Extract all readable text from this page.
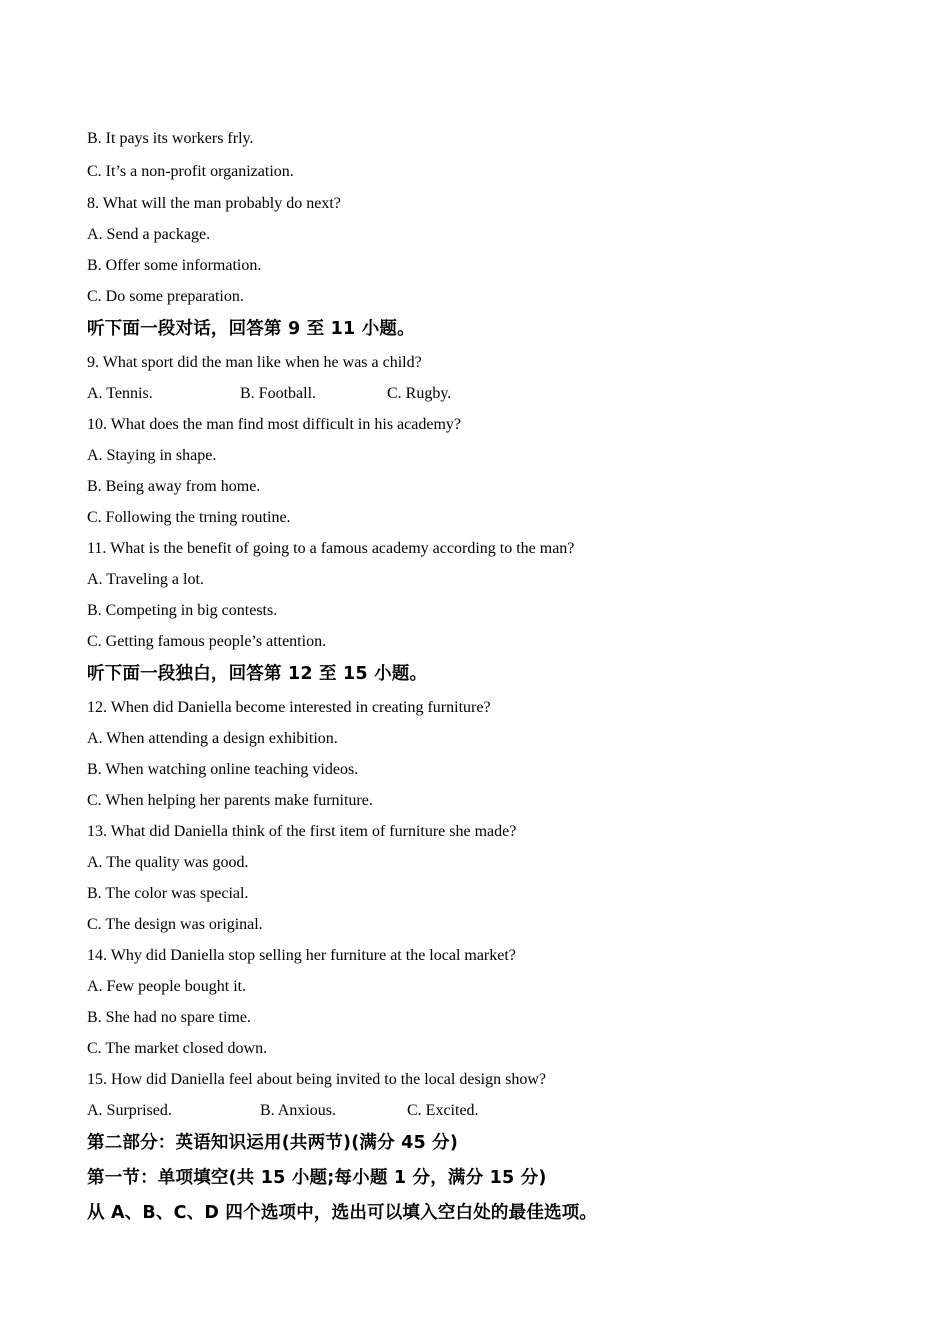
B. It pays its workers frly.
C. It’s a non-profit organization.
8. What will the man probably do next?
A. Send a package.
B. Offer some information.
C. Do some preparation.
听下面一段对话，回答第 9 至 11 小题。
9. What sport did the man like when he was a child?
A. Tennis.	B. Football.	C. Rugby.
10. What does the man find most difficult in his academy?
A. Staying in shape.
B. Being away from home.
C. Following the trning routine.
11. What is the benefit of going to a famous academy according to the man?
A. Traveling a lot.
B. Competing in big contests.
C. Getting famous people’s attention.
听下面一段独白，回答第 12 至 15 小题。
12. When did Daniella become interested in creating furniture?
A. When attending a design exhibition.
B. When watching online teaching videos.
C. When helping her parents make furniture.
13. What did Daniella think of the first item of furniture she made?
A. The quality was good.
B. The color was special.
C. The design was original.
14. Why did Daniella stop selling her furniture at the local market?
A. Few people bought it.
B. She had no spare time.
C. The market closed down.
15. How did Daniella feel about being invited to the local design show?
A. Surprised.	B. Anxious.	C. Excited.
第二部分：英语知识运用(共两节)(满分 45 分)
第一节：单项填空(共 15 小题;每小题 1 分，满分 15 分)
从 A、B、C、D 四个选项中，选出可以填入空白处的最佳选项。
